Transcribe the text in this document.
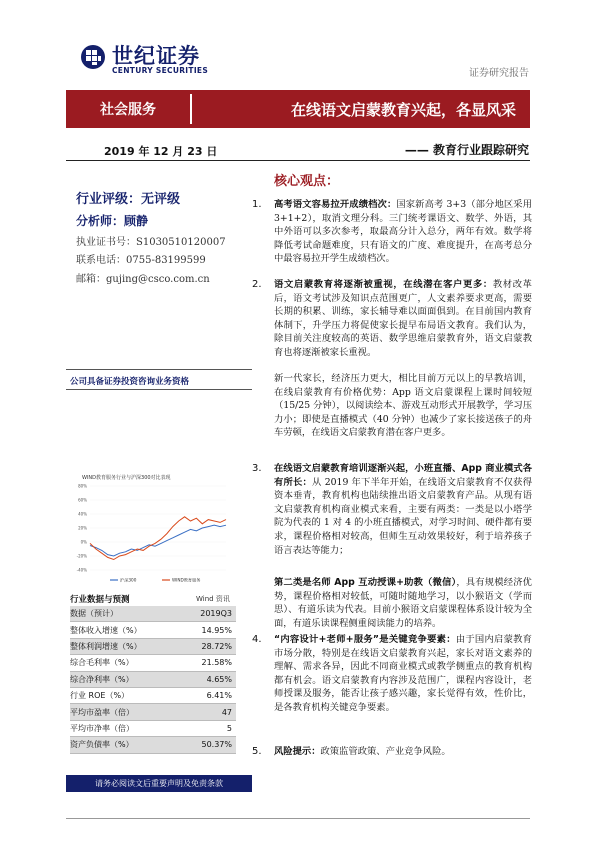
世纪证券
CENTURY SECURITIES	证券研究报告
社会服务	在线语文启蒙教育兴起，各显风采
2019 年 12 月 23 日	—— 教育行业跟踪研究
行业评级：无评级
分析师：顾静
执业证书号：S1030510120007
联系电话：0755-83199599
邮箱：gujing@csco.com.cn
公司具备证券投资咨询业务资格
WIND教育服务行业与沪深300对比表现
80%
60%
40%
20%
0%
-20%
-40%
沪深300	WIND教育服务
行业数据与预测	Wind 资讯
数据（预计）	2019Q3
整体收入增速（%）	14.95%
整体利润增速（%）	28.72%
综合毛利率（%）	21.58%
综合净利率（%）	4.65%
行业 ROE（%）	6.41%
平均市盈率（倍）	47
平均市净率（倍）	5
资产负债率（%）	50.37%
请务必阅读文后重要声明及免责条款
核心观点：
1. 高考语文容易拉开成绩档次：国家新高考 3+3（部分地区采用 3+1+2），取消文理分科。三门统考课语文、数学、外语，其中外语可以多次参考，取最高分计入总分，两年有效。数学将降低考试命题难度，只有语文的广度、难度提升，在高考总分中最容易拉开学生成绩档次。
2. 语文启蒙教育将逐渐被重视，在线潜在客户更多：教材改革后，语文考试涉及知识点范围更广，人文素养要求更高，需要长期的积累、训练，家长辅导难以面面俱到。在目前国内教育体制下，升学压力将促使家长提早布局语文教育。我们认为，除目前关注度较高的英语、数学思维启蒙教育外，语文启蒙教育也将逐渐被家长重视。
新一代家长，经济压力更大，相比目前万元以上的早教培训，在线启蒙教育有价格优势：App 语文启蒙课程上课时间较短（15/25 分钟），以阅读绘本、游戏互动形式开展教学，学习压力小；即使是直播模式（40 分钟）也减少了家长接送孩子的舟车劳顿，在线语文启蒙教育潜在客户更多。
3. 在线语文启蒙教育培训逐渐兴起，小班直播、App 商业模式各有所长：从 2019 年下半年开始，在线语文启蒙教育不仅获得资本垂青，教育机构也陆续推出语文启蒙教育产品。从现有语文启蒙教育机构商业模式来看，主要有两类：一类是以小塔学院为代表的 1 对 4 的小班直播模式，对学习时间、硬件都有要求，课程价格相对较高，但师生互动效果较好，利于培养孩子语言表达等能力；
第二类是名师 App 互动授课+助教（微信），具有规模经济优势，课程价格相对较低，可随时随地学习，以小猴语文（学而思）、有道乐读为代表。目前小猴语文启蒙课程体系设计较为全面，有道乐读课程侧重阅读能力的培养。
4. “内容设计+老师+服务”是关键竞争要素：由于国内启蒙教育市场分散，特别是在线语文启蒙教育兴起，家长对语文素养的理解、需求各异，因此不同商业模式或教学侧重点的教育机构都有机会。语文启蒙教育内容涉及范围广，课程内容设计，老师授课及服务，能否让孩子感兴趣，家长觉得有效，性价比，是各教育机构关键竞争要素。
5. 风险提示：政策监管政策、产业竞争风险。
